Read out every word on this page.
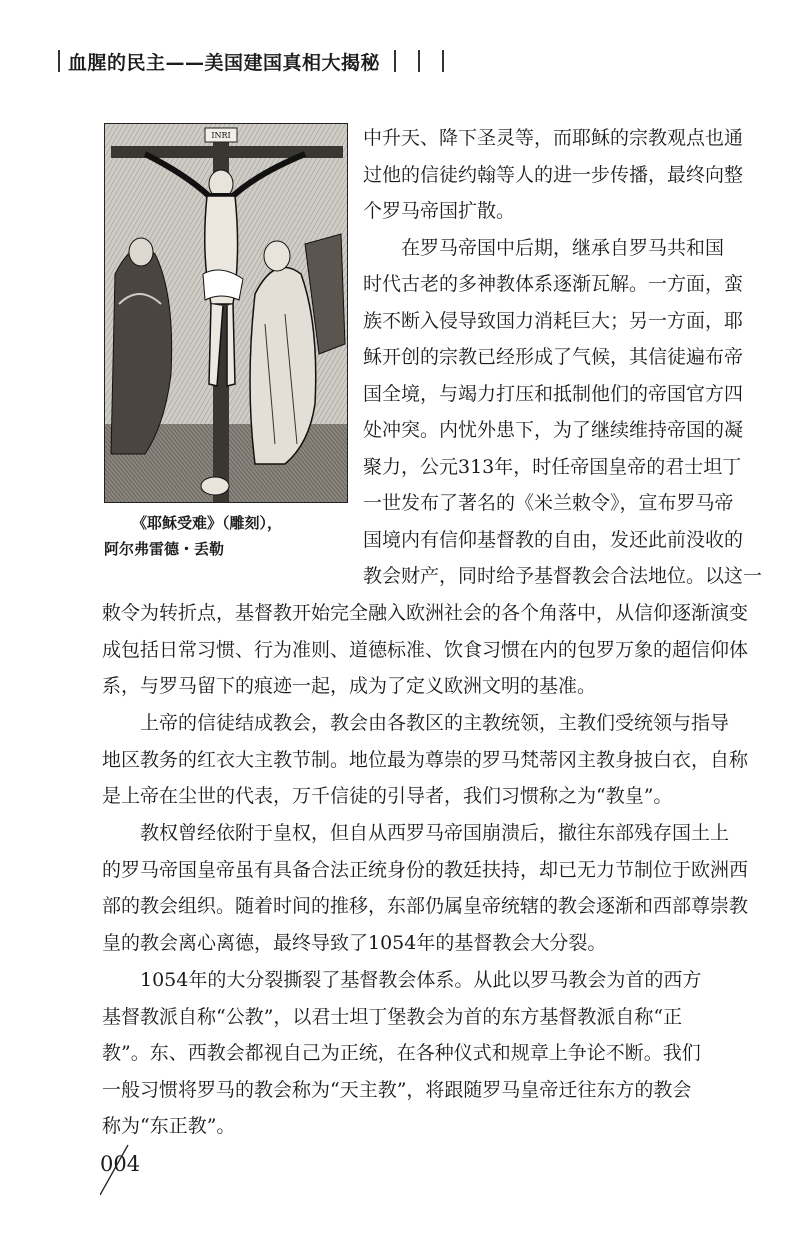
血腥的民主——美国建国真相大揭秘
INRI
《耶稣受难》（雕刻），
阿尔弗雷德・丢勒
中升天、降下圣灵等，而耶稣的宗教观点也通
过他的信徒约翰等人的进一步传播，最终向整
个罗马帝国扩散。
在罗马帝国中后期，继承自罗马共和国
时代古老的多神教体系逐渐瓦解。一方面，蛮
族不断入侵导致国力消耗巨大；另一方面，耶
稣开创的宗教已经形成了气候，其信徒遍布帝
国全境，与竭力打压和抵制他们的帝国官方四
处冲突。内忧外患下，为了继续维持帝国的凝
聚力，公元313年，时任帝国皇帝的君士坦丁
一世发布了著名的《米兰敕令》，宣布罗马帝
国境内有信仰基督教的自由，发还此前没收的
教会财产，同时给予基督教会合法地位。以这一
敕令为转折点，基督教开始完全融入欧洲社会的各个角落中，从信仰逐渐演变
成包括日常习惯、行为准则、道德标准、饮食习惯在内的包罗万象的超信仰体
系，与罗马留下的痕迹一起，成为了定义欧洲文明的基准。
上帝的信徒结成教会，教会由各教区的主教统领，主教们受统领与指导
地区教务的红衣大主教节制。地位最为尊崇的罗马梵蒂冈主教身披白衣，自称
是上帝在尘世的代表，万千信徒的引导者，我们习惯称之为“教皇”。
教权曾经依附于皇权，但自从西罗马帝国崩溃后，撤往东部残存国土上
的罗马帝国皇帝虽有具备合法正统身份的教廷扶持，却已无力节制位于欧洲西
部的教会组织。随着时间的推移，东部仍属皇帝统辖的教会逐渐和西部尊崇教
皇的教会离心离德，最终导致了1054年的基督教会大分裂。
1054年的大分裂撕裂了基督教会体系。从此以罗马教会为首的西方
基督教派自称“公教”，以君士坦丁堡教会为首的东方基督教派自称“正
教”。东、西教会都视自己为正统，在各种仪式和规章上争论不断。我们
一般习惯将罗马的教会称为“天主教”，将跟随罗马皇帝迁往东方的教会
称为“东正教”。
004
